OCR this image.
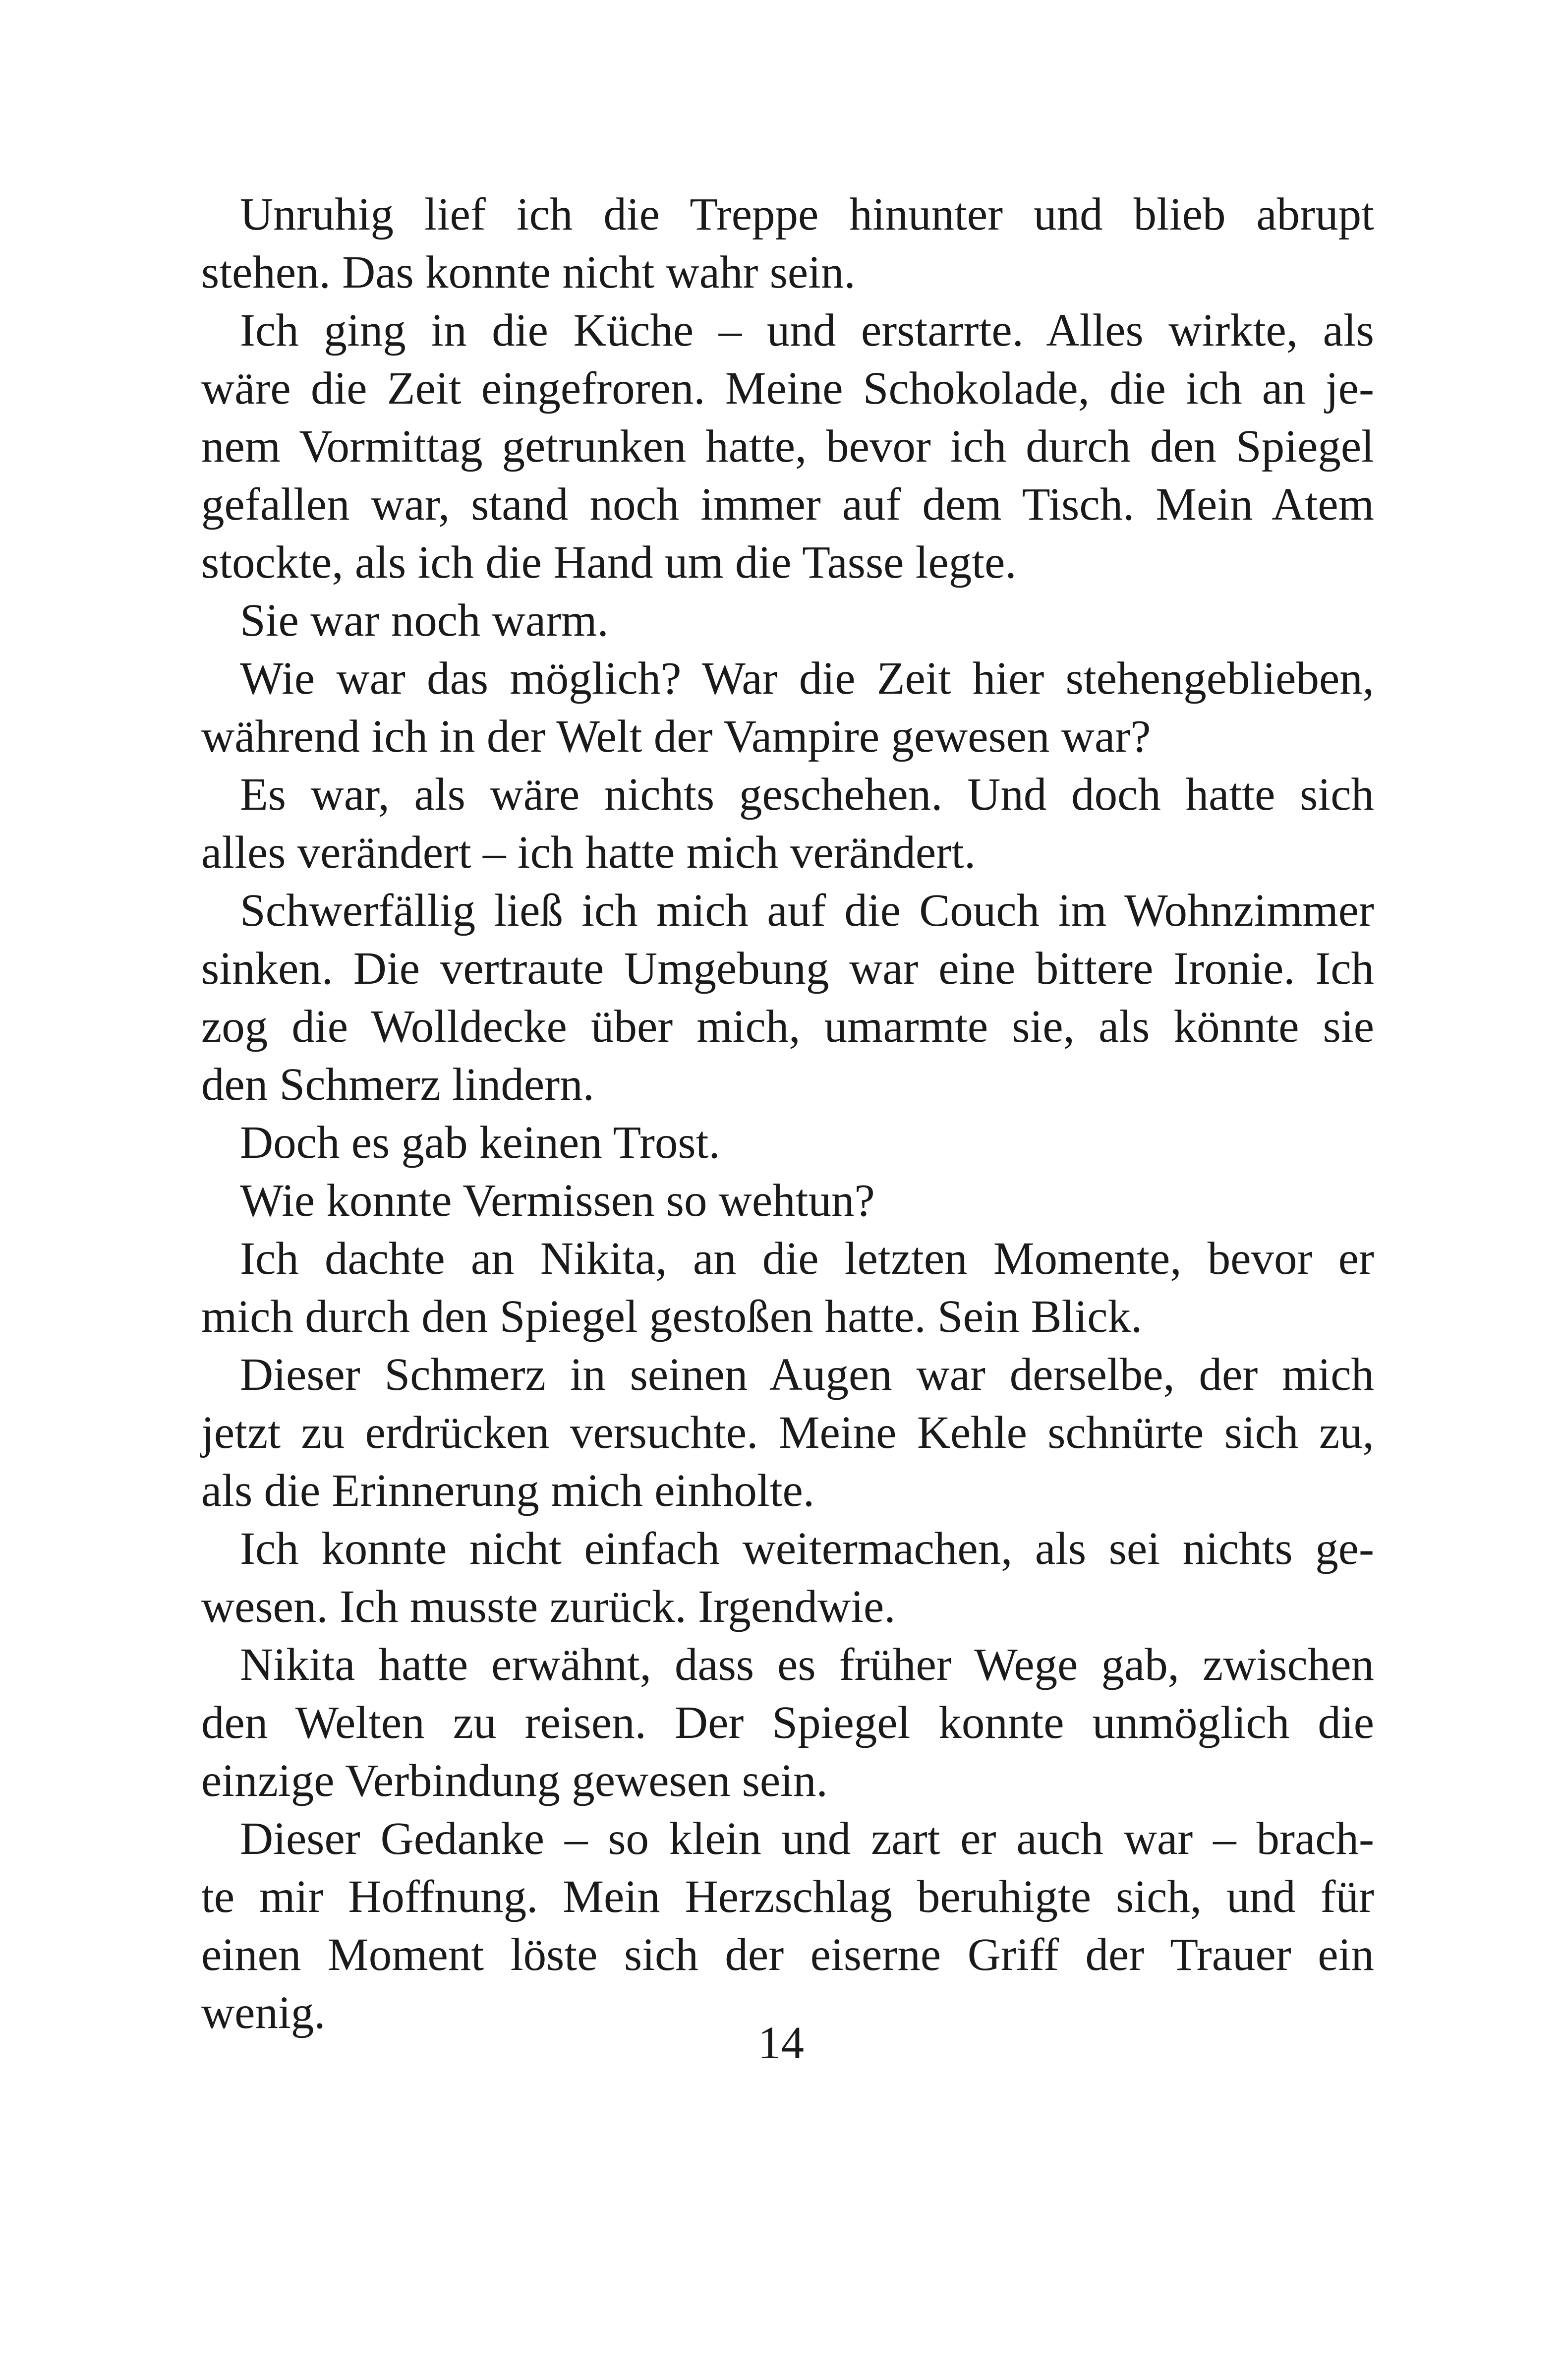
Unruhig lief ich die Treppe hinunter und blieb abrupt
stehen. Das konnte nicht wahr sein.
Ich ging in die Küche – und erstarrte. Alles wirkte, als
wäre die Zeit eingefroren. Meine Schokolade, die ich an je-
nem Vormittag getrunken hatte, bevor ich durch den Spiegel
gefallen war, stand noch immer auf dem Tisch. Mein Atem
stockte, als ich die Hand um die Tasse legte.
Sie war noch warm.
Wie war das möglich? War die Zeit hier stehengeblieben,
während ich in der Welt der Vampire gewesen war?
Es war, als wäre nichts geschehen. Und doch hatte sich
alles verändert – ich hatte mich verändert.
Schwerfällig ließ ich mich auf die Couch im Wohnzimmer
sinken. Die vertraute Umgebung war eine bittere Ironie. Ich
zog die Wolldecke über mich, umarmte sie, als könnte sie
den Schmerz lindern.
Doch es gab keinen Trost.
Wie konnte Vermissen so wehtun?
Ich dachte an Nikita, an die letzten Momente, bevor er
mich durch den Spiegel gestoßen hatte. Sein Blick.
Dieser Schmerz in seinen Augen war derselbe, der mich
jetzt zu erdrücken versuchte. Meine Kehle schnürte sich zu,
als die Erinnerung mich einholte.
Ich konnte nicht einfach weitermachen, als sei nichts ge-
wesen. Ich musste zurück. Irgendwie.
Nikita hatte erwähnt, dass es früher Wege gab, zwischen
den Welten zu reisen. Der Spiegel konnte unmöglich die
einzige Verbindung gewesen sein.
Dieser Gedanke – so klein und zart er auch war – brach-
te mir Hoffnung. Mein Herzschlag beruhigte sich, und für
einen Moment löste sich der eiserne Griff der Trauer ein
wenig.
14
